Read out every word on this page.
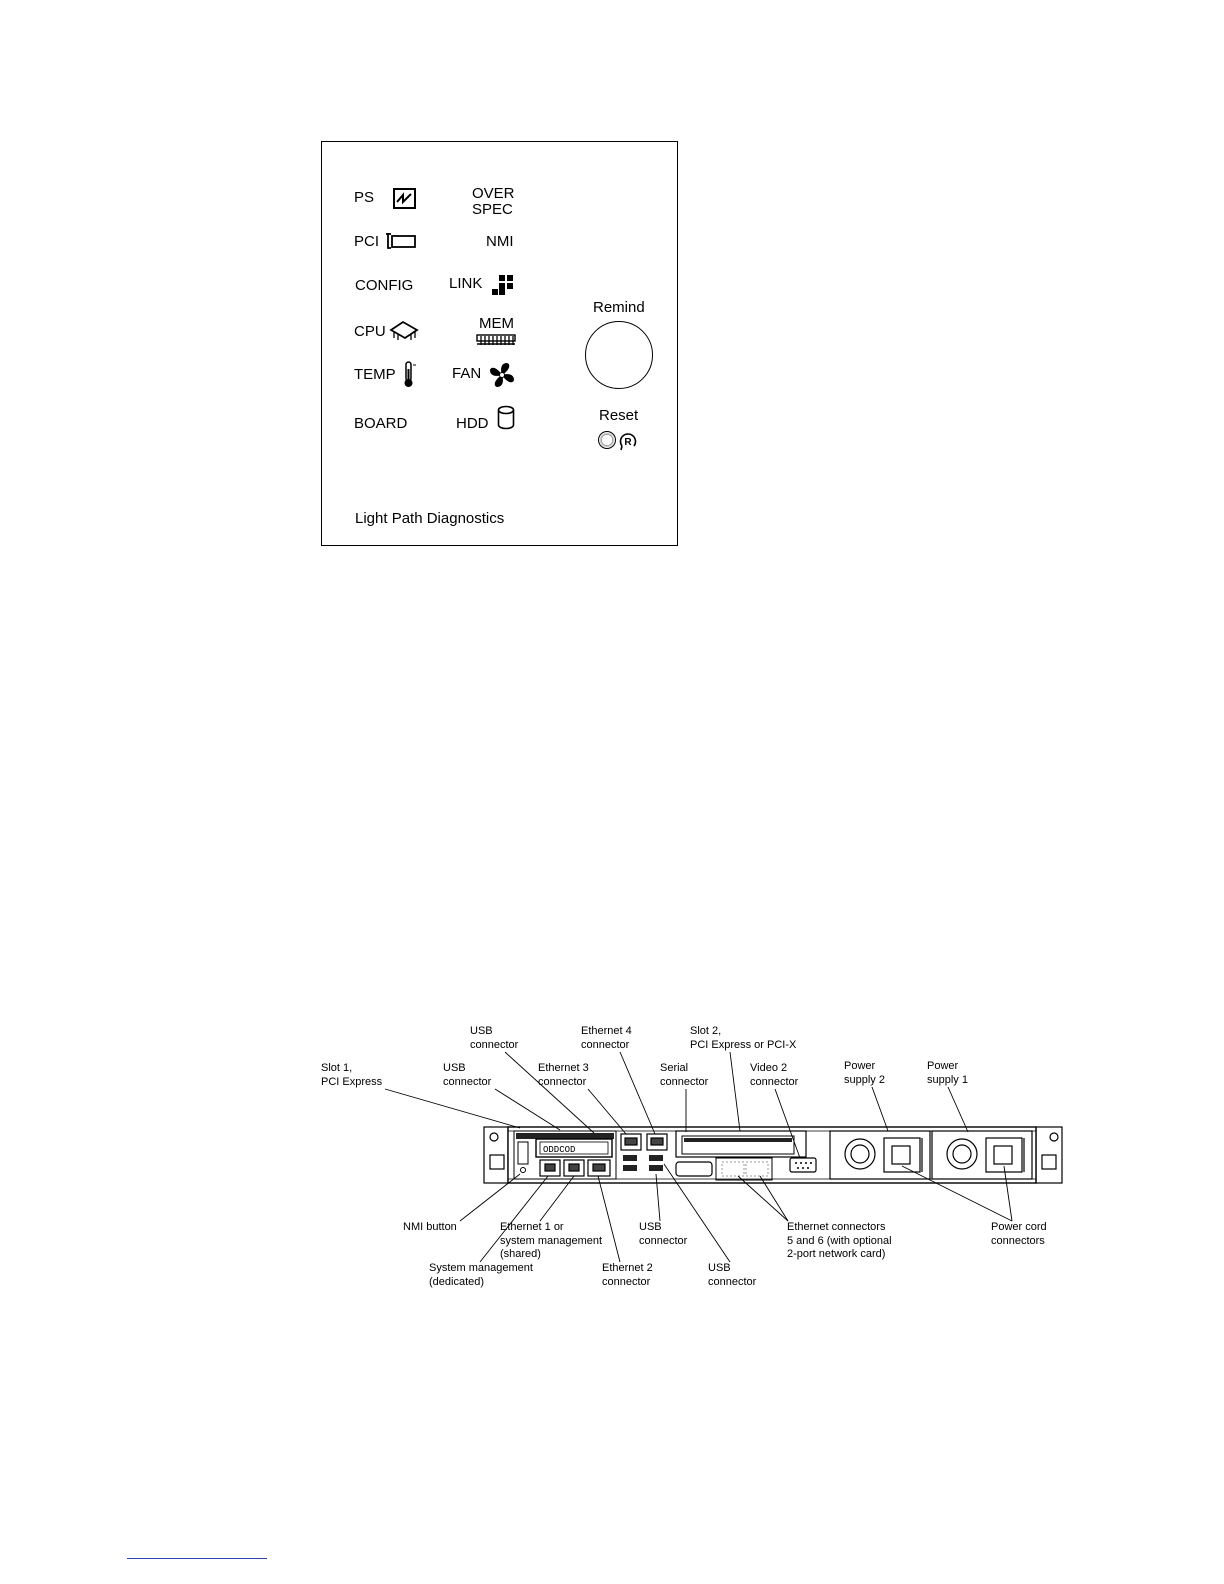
PS
PCI
CONFIG
CPU
TEMP
BOARD
OVER
SPEC
NMI
LINK
MEM
FAN
HDD
Remind
Reset
R
Light Path Diagnostics
ODDCOD
Slot 1,
PCI Express
USB
connector
USB
connector
Ethernet 3
connector
Ethernet 4
connector
Serial
connector
Slot 2,
PCI Express or PCI-X
Video 2
connector
Power
supply 2
Power
supply 1
NMI button	Ethernet 1 or
system management
(shared)
System management
(dedicated)
USB
connector
Ethernet 2
connector
USB
connector
Ethernet connectors
5 and 6 (with optional
2-port network card)
Power cord
connectors
